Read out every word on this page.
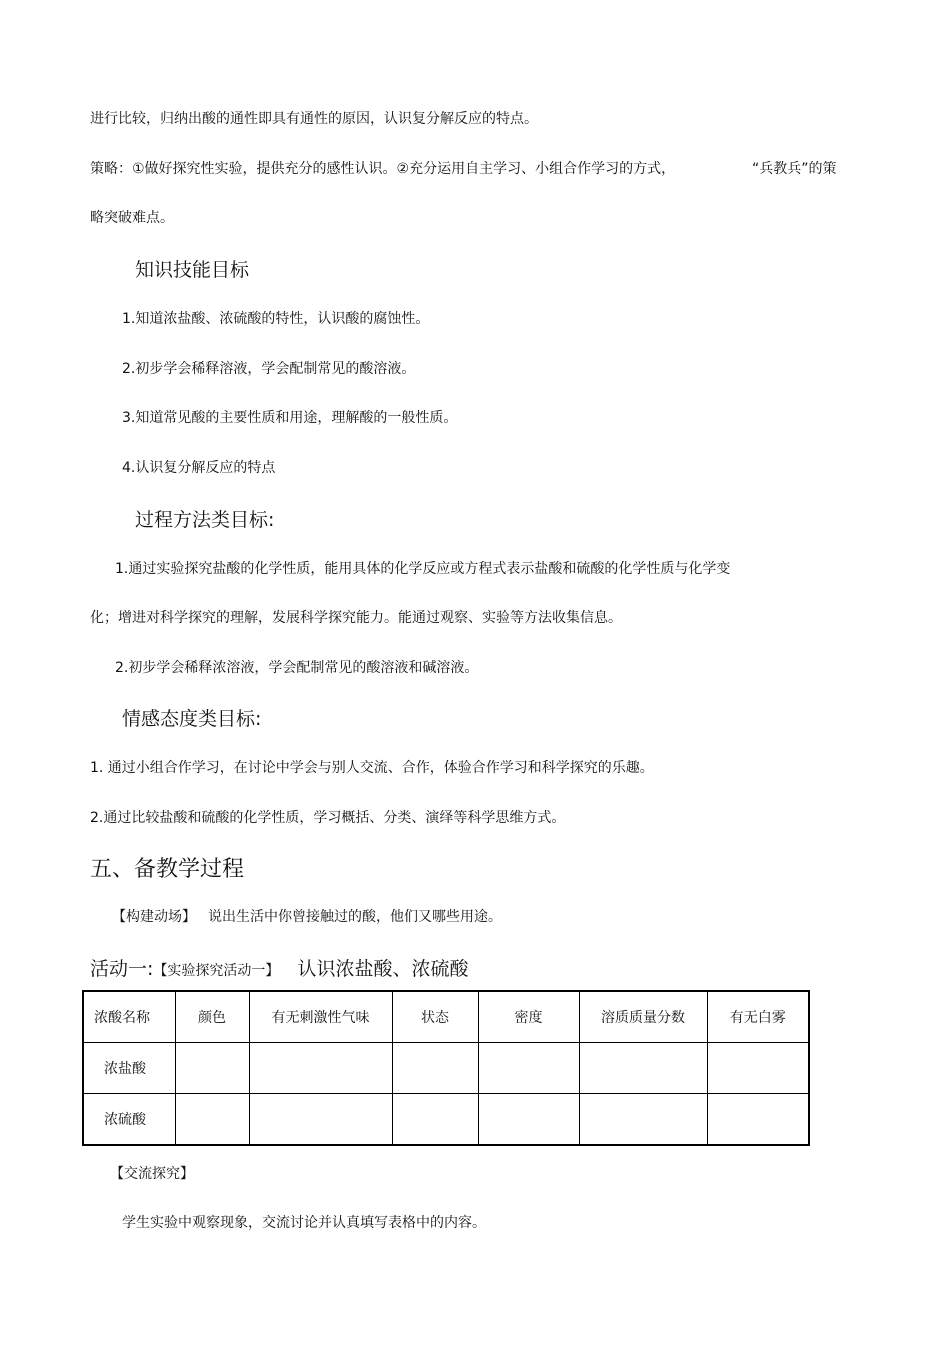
进行比较，归纳出酸的通性即具有通性的原因，认识复分解反应的特点。
策略：①做好探究性实验，提供充分的感性认识。②充分运用自主学习、小组合作学习的方式，	“兵教兵”的策
略突破难点。
知识技能目标
1.知道浓盐酸、浓硫酸的特性，认识酸的腐蚀性。
2.初步学会稀释溶液，学会配制常见的酸溶液。
3.知道常见酸的主要性质和用途，理解酸的一般性质。
4.认识复分解反应的特点
过程方法类目标:
1.通过实验探究盐酸的化学性质，能用具体的化学反应或方程式表示盐酸和硫酸的化学性质与化学变
化；增进对科学探究的理解，发展科学探究能力。能通过观察、实验等方法收集信息。
2.初步学会稀释浓溶液，学会配制常见的酸溶液和碱溶液。
情感态度类目标:
1. 通过小组合作学习，在讨论中学会与别人交流、合作，体验合作学习和科学探究的乐趣。
2.通过比较盐酸和硫酸的化学性质，学习概括、分类、演绎等科学思维方式。
五、备教学过程
【构建动场】 说出生活中你曾接触过的酸，他们又哪些用途。
活动一:【实验探究活动一】 认识浓盐酸、浓硫酸
浓酸名称	颜色	有无刺激性气味	状态	密度	溶质质量分数	有无白雾
浓盐酸						
浓硫酸						
【交流探究】
学生实验中观察现象，交流讨论并认真填写表格中的内容。
